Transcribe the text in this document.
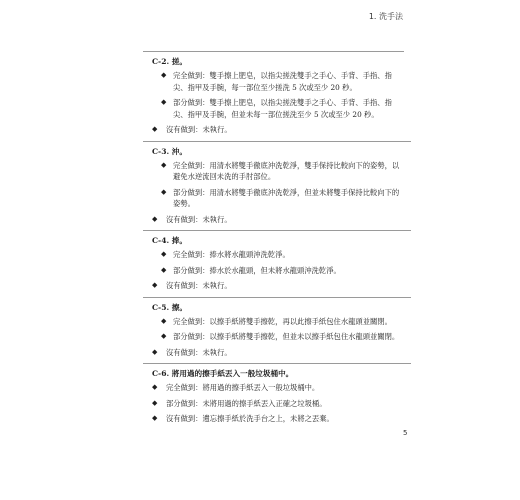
1. 洗手法
C-2. 搓。
◆ 完全做到：雙手擦上肥皂，以指尖搓洗雙手之手心、手背、手指、指尖、指甲及手腕，每一部位至少搓洗 5 次或至少 20 秒。
◆ 部分做到：雙手擦上肥皂，以指尖搓洗雙手之手心、手背、手指、指尖、指甲及手腕，但並未每一部位搓洗至少 5 次或至少 20 秒。
◆ 沒有做到：未執行。
C-3. 沖。
◆ 完全做到：用清水將雙手徹底沖洗乾淨，雙手保持比較向下的姿勢，以避免水逆流回未洗的手肘部位。
◆ 部分做到：用清水將雙手徹底沖洗乾淨，但並未將雙手保持比較向下的姿勢。
◆ 沒有做到：未執行。
C-4. 捧。
◆ 完全做到：捧水將水龍頭沖洗乾淨。
◆ 部分做到：捧水於水龍頭，但未將水龍頭沖洗乾淨。
◆ 沒有做到：未執行。
C-5. 擦。
◆ 完全做到：以擦手紙將雙手擦乾，再以此擦手紙包住水龍頭並關閉。
◆ 部分做到：以擦手紙將雙手擦乾，但並未以擦手紙包住水龍頭並關閉。
◆ 沒有做到：未執行。
C-6. 將用過的擦手紙丟入一般垃圾桶中。
◆ 完全做到：將用過的擦手紙丟入一般垃圾桶中。
◆ 部分做到：未將用過的擦手紙丟入正確之垃圾桶。
◆ 沒有做到：遺忘擦手紙於洗手台之上，未將之丟棄。
5
